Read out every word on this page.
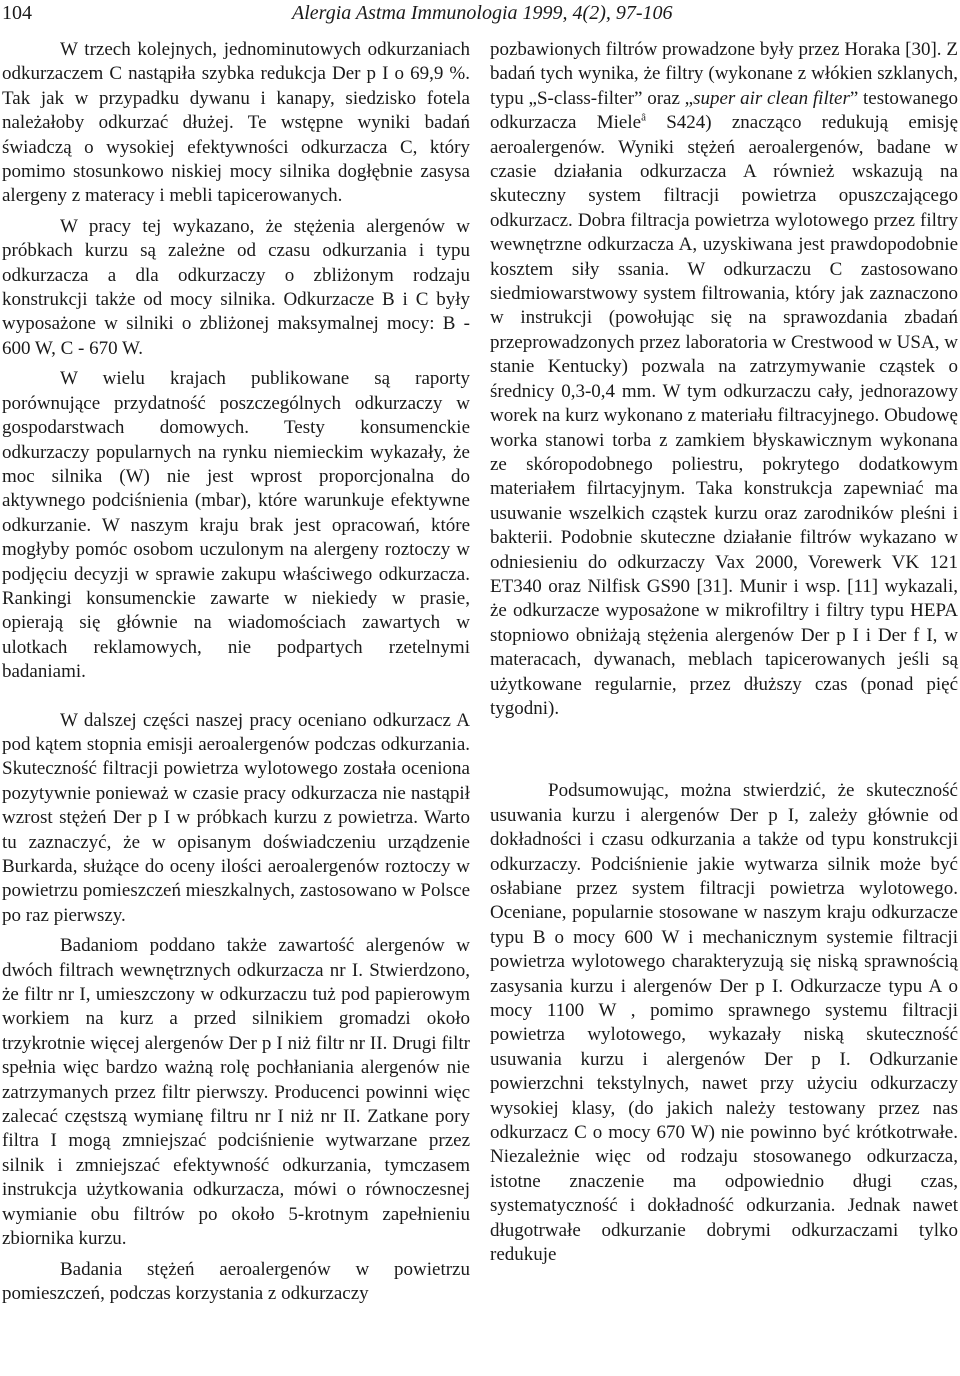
104	Alergia Astma Immunologia 1999, 4(2), 97-106

W trzech kolejnych, jednominutowych odkurzaniach odkurzaczem C nastąpiła szybka redukcja Der p I o 69,9 %. Tak jak w przypadku dywanu i kanapy, siedzisko fotela należałoby odkurzać dłużej. Te wstępne wyniki badań świadczą o wysokiej efektywności odkurzacza C, który pomimo stosunkowo niskiej mocy silnika dogłębnie zasysa alergeny z materacy i mebli tapicerowanych.

W pracy tej wykazano, że stężenia alergenów w próbkach kurzu są zależne od czasu odkurzania i typu odkurzacza a dla odkurzaczy o zbliżonym rodzaju konstrukcji także od mocy silnika. Odkurzacze B i C były wyposażone w silniki o zbliżonej maksymalnej mocy: B - 600 W, C - 670 W.

W wielu krajach publikowane są raporty porównujące przydatność poszczególnych odkurzaczy w gospodarstwach domowych. Testy konsumenckie odkurzaczy popularnych na rynku niemieckim wykazały, że moc silnika (W) nie jest wprost proporcjonalna do aktywnego podciśnienia (mbar), które warunkuje efektywne odkurzanie. W naszym kraju brak jest opracowań, które mogłyby pomóc osobom uczulonym na alergeny roztoczy w podjęciu decyzji w sprawie zakupu właściwego odkurzacza. Rankingi konsumenckie zawarte w niekiedy w prasie, opierają się głównie na wiadomościach zawartych w ulotkach reklamowych, nie podpartych rzetelnymi badaniami.

W dalszej części naszej pracy oceniano odkurzacz A pod kątem stopnia emisji aeroalergenów podczas odkurzania. Skuteczność filtracji powietrza wylotowego została oceniona pozytywnie ponieważ w czasie pracy odkurzacza nie nastąpił wzrost stężeń Der p I w próbkach kurzu z powietrza. Warto tu zaznaczyć, że w opisanym doświadczeniu urządzenie Burkarda, służące do oceny ilości aeroalergenów roztoczy w powietrzu pomieszczeń mieszkalnych, zastosowano w Polsce po raz pierwszy.

Badaniom poddano także zawartość alergenów w dwóch filtrach wewnętrznych odkurzacza nr I. Stwierdzono, że filtr nr I, umieszczony w odkurzaczu tuż pod papierowym workiem na kurz a przed silnikiem gromadzi około trzykrotnie więcej alergenów Der p I niż filtr nr II. Drugi filtr spełnia więc bardzo ważną rolę pochłaniania alergenów nie zatrzymanych przez filtr pierwszy. Producenci powinni więc zalecać częstszą wymianę filtru nr I niż nr II. Zatkane pory filtra I mogą zmniejszać podciśnienie wytwarzane przez silnik i zmniejszać efektywność odkurzania, tymczasem instrukcja użytkowania odkurzacza, mówi o równoczesnej wymianie obu filtrów po około 5-krotnym zapełnieniu zbiornika kurzu.

Badania stężeń aeroalergenów w powietrzu pomieszczeń, podczas korzystania z odkurzaczy

pozbawionych filtrów prowadzone były przez Horaka [30]. Z badań tych wynika, że filtry (wykonane z włókien szklanych, typu „S-class-filter” oraz „super air clean filter” testowanego odkurzacza Miele$^â$ S424) znacząco redukują emisję aeroalergenów. Wyniki stężeń aeroalergenów, badane w czasie działania odkurzacza A również wskazują na skuteczny system filtracji powietrza opuszczającego odkurzacz. Dobra filtracja powietrza wylotowego przez filtry wewnętrzne odkurzacza A, uzyskiwana jest prawdopodobnie kosztem siły ssania. W odkurzaczu C zastosowano siedmiowarstwowy system filtrowania, który jak zaznaczono w instrukcji (powołując się na sprawozdania zbadań przeprowadzonych przez laboratoria w Crestwood w USA, w stanie Kentucky) pozwala na zatrzymywanie cząstek o średnicy 0,3-0,4 mm. W tym odkurzaczu cały, jednorazowy worek na kurz wykonano z materiału filtracyjnego. Obudowę worka stanowi torba z zamkiem błyskawicznym wykonana ze skóropodobnego poliestru, pokrytego dodatkowym materiałem filrtacyjnym. Taka konstrukcja zapewniać ma usuwanie wszelkich cząstek kurzu oraz zarodników pleśni i bakterii. Podobnie skuteczne działanie filtrów wykazano w odniesieniu do odkurzaczy Vax 2000, Vorewerk VK 121 ET340 oraz Nilfisk GS90 [31]. Munir i wsp. [11] wykazali, że odkurzacze wyposażone w mikrofiltry i filtry typu HEPA stopniowo obniżają stężenia alergenów Der p I i Der f I, w materacach, dywanach, meblach tapicerowanych jeśli są użytkowane regularnie, przez dłuższy czas (ponad pięć tygodni).

Podsumowując, można stwierdzić, że skuteczność usuwania kurzu i alergenów Der p I, zależy głównie od dokładności i czasu odkurzania a także od typu konstrukcji odkurzaczy. Podciśnienie jakie wytwarza silnik może być osłabiane przez system filtracji powietrza wylotowego. Oceniane, popularnie stosowane w naszym kraju odkurzacze typu B o mocy 600 W i mechanicznym systemie filtracji powietrza wylotowego charakteryzują się niską sprawnością zasysania kurzu i alergenów Der p I. Odkurzacze typu A o mocy 1100 W , pomimo sprawnego systemu filtracji powietrza wylotowego, wykazały niską skuteczność usuwania kurzu i alergenów Der p I. Odkurzanie powierzchni tekstylnych, nawet przy użyciu odkurzaczy wysokiej klasy, (do jakich należy testowany przez nas odkurzacz C o mocy 670 W) nie powinno być krótkotrwałe. Niezależnie więc od rodzaju stosowanego odkurzacza, istotne znaczenie ma odpowiednio długi czas, systematyczność i dokładność odkurzania. Jednak nawet długotrwałe odkurzanie dobrymi odkurzaczami tylko redukuje
